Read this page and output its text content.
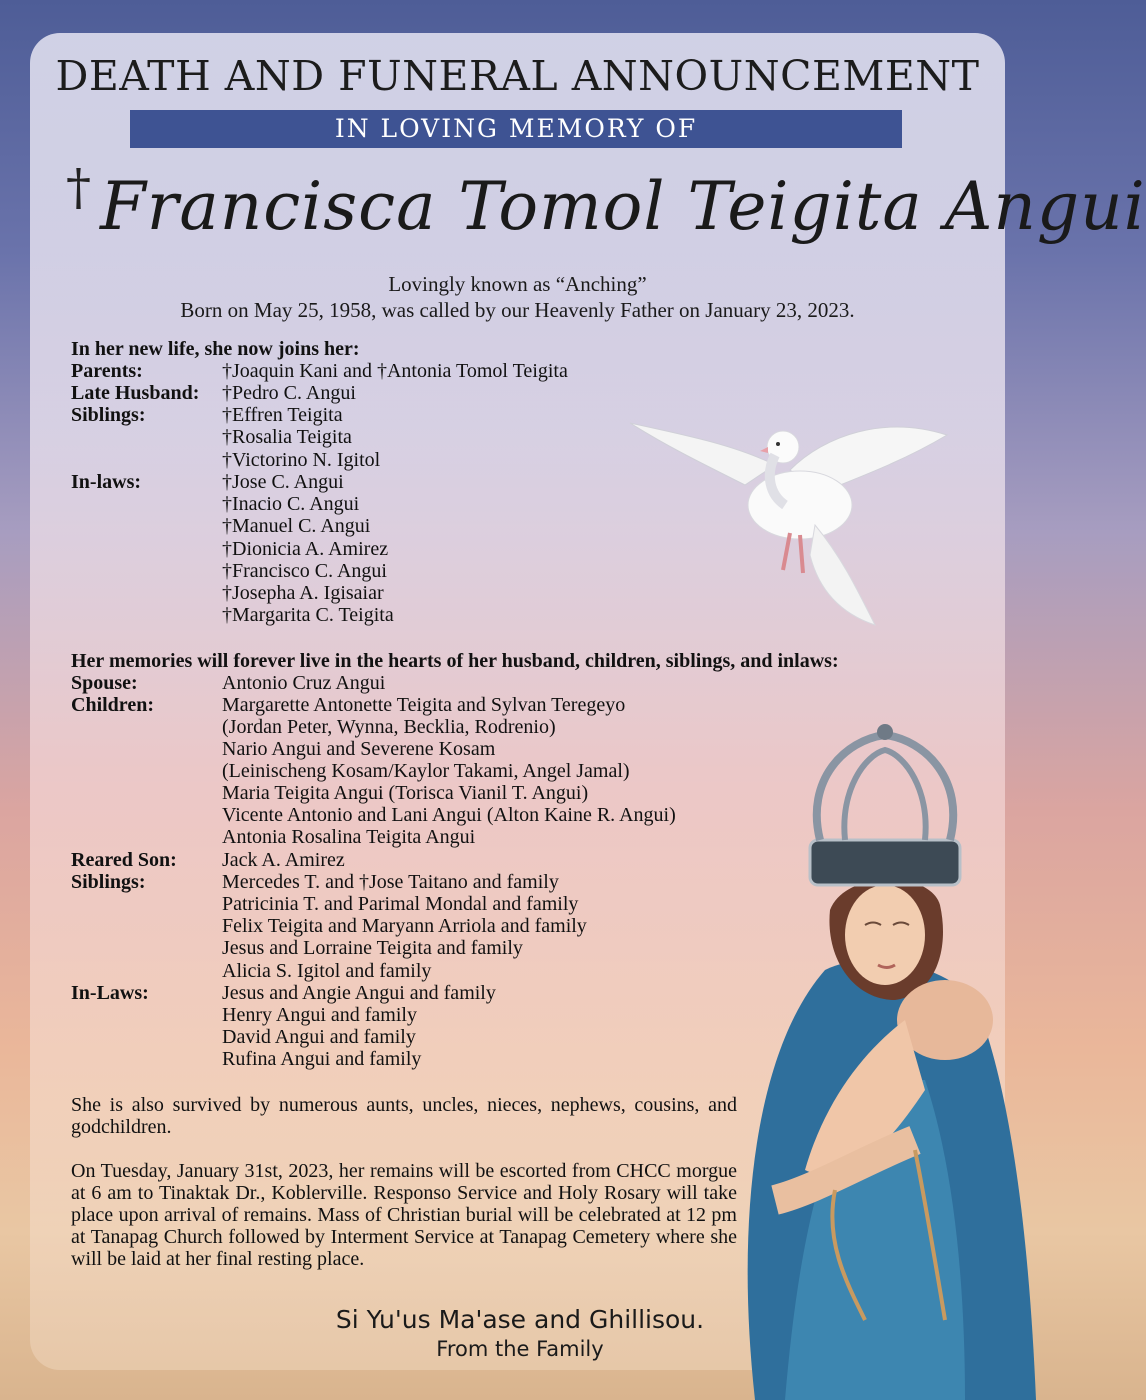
DEATH AND FUNERAL ANNOUNCEMENT
IN LOVING MEMORY OF
† Francisca Tomol Teigita Angui
Lovingly known as “Anching”
Born on May 25, 1958, was called by our Heavenly Father on January 23, 2023.
In her new life, she now joins her:
Parents:	†Joaquin Kani and †Antonia Tomol Teigita
Late Husband: †Pedro C. Angui
Siblings:	†Effren Teigita
†Rosalia Teigita
†Victorino N. Igitol
In-laws:	†Jose C. Angui
†Inacio C. Angui
†Manuel C. Angui
†Dionicia A. Amirez
†Francisco C. Angui
†Josepha A. Igisaiar
†Margarita C. Teigita
Her memories will forever live in the hearts of her husband, children, siblings, and inlaws:
Spouse:	Antonio Cruz Angui
Children:	Margarette Antonette Teigita and Sylvan Teregeyo
(Jordan Peter, Wynna, Becklia, Rodrenio)
Nario Angui and Severene Kosam
(Leinischeng Kosam/Kaylor Takami, Angel Jamal)
Maria Teigita Angui (Torisca Vianil T. Angui)
Vicente Antonio and Lani Angui (Alton Kaine R. Angui)
Antonia Rosalina Teigita Angui
Reared Son: Jack A. Amirez
Siblings:	Mercedes T. and †Jose Taitano and family
Patricinia T. and Parimal Mondal and family
Felix Teigita and Maryann Arriola and family
Jesus and Lorraine Teigita and family
Alicia S. Igitol and family
In-Laws:	Jesus and Angie Angui and family
Henry Angui and family
David Angui and family
Rufina Angui and family
She is also survived by numerous aunts, uncles, nieces, nephews, cousins, and godchildren.
On Tuesday, January 31st, 2023, her remains will be escorted from CHCC morgue at 6 am to Tinaktak Dr., Koblerville. Responso Service and Holy Rosary will take place upon arrival of remains. Mass of Christian burial will be celebrated at 12 pm at Tanapag Church followed by Interment Service at Tanapag Cemetery where she will be laid at her final resting place.
Si Yu'us Ma'ase and Ghillisou.
From the Family
